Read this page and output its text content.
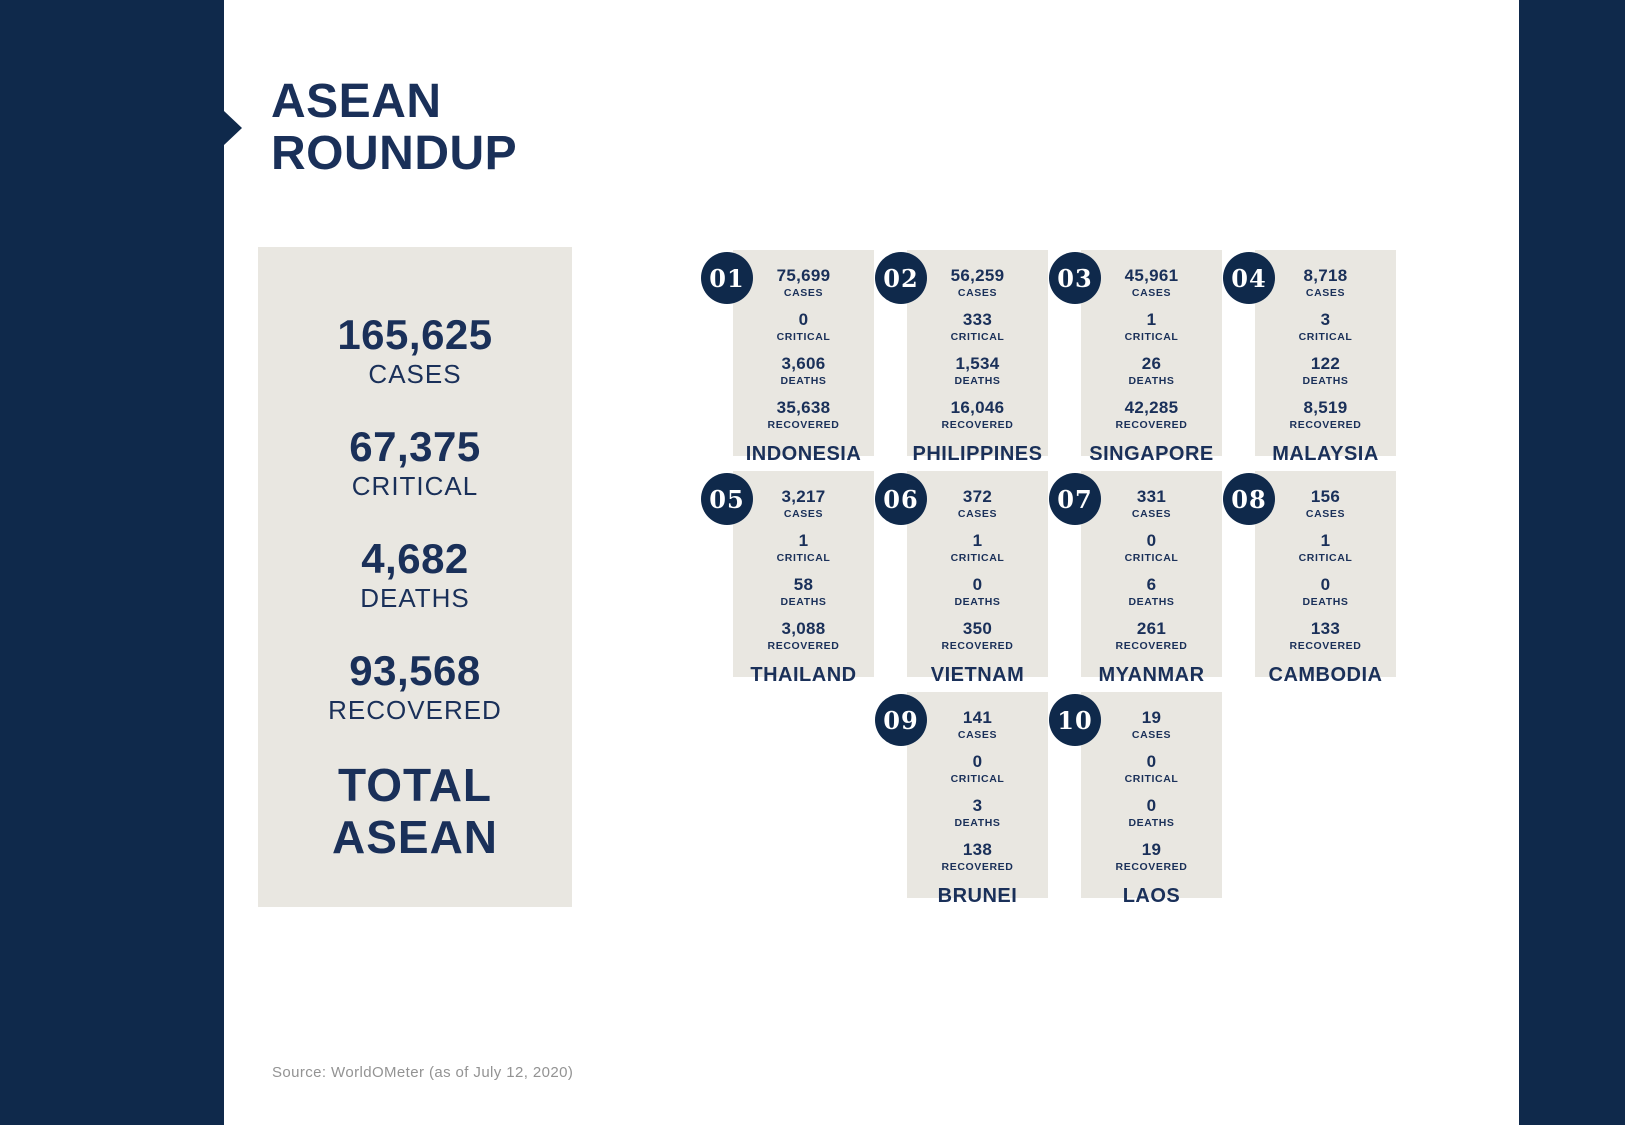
ASEAN
ROUNDUP
165,625
CASES
67,375
CRITICAL
4,682
DEATHS
93,568
RECOVERED
TOTAL
ASEAN
01	75,699
CASES
0
CRITICAL
3,606
DEATHS
35,638
RECOVERED
INDONESIA
02	56,259
CASES
333
CRITICAL
1,534
DEATHS
16,046
RECOVERED
PHILIPPINES
03	45,961
CASES
1
CRITICAL
26
DEATHS
42,285
RECOVERED
SINGAPORE
04	8,718
CASES
3
CRITICAL
122
DEATHS
8,519
RECOVERED
MALAYSIA
05	3,217
CASES
1
CRITICAL
58
DEATHS
3,088
RECOVERED
THAILAND
06	372
CASES
1
CRITICAL
0
DEATHS
350
RECOVERED
VIETNAM
07	331
CASES
0
CRITICAL
6
DEATHS
261
RECOVERED
MYANMAR
08	156
CASES
1
CRITICAL
0
DEATHS
133
RECOVERED
CAMBODIA
09	141
CASES
0
CRITICAL
3
DEATHS
138
RECOVERED
BRUNEI
10	19
CASES
0
CRITICAL
0
DEATHS
19
RECOVERED
LAOS
Source: WorldOMeter (as of July 12, 2020)
